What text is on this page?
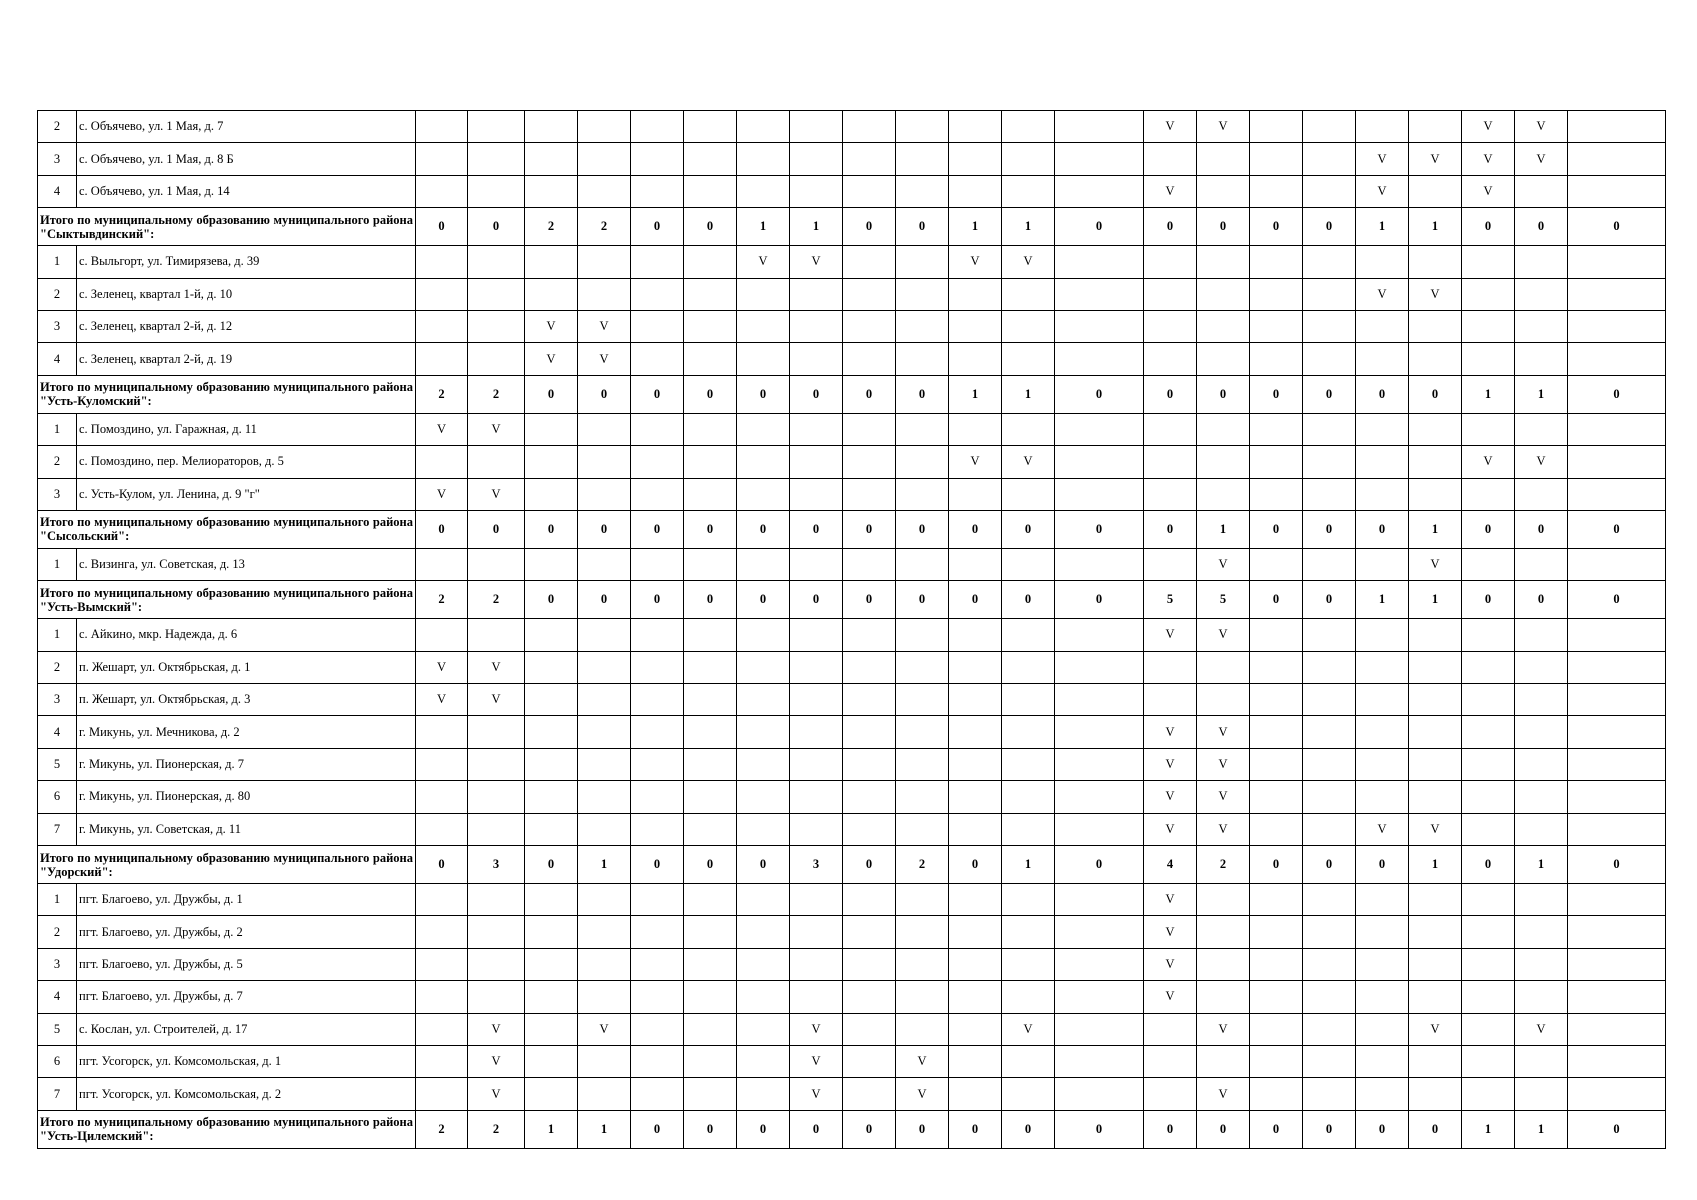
2	с. Объячево, ул. 1 Мая, д. 7														V	V					V	V	
3	с. Объячево, ул. 1 Мая, д. 8 Б																		V	V	V	V	
4	с. Объячево, ул. 1 Мая, д. 14														V				V		V		
Итого по муниципальному образованию муниципального района "Сыктывдинский":		0	0	2	2	0	0	1	1	0	0	1	1	0	0	0	0	0	1	1	0	0	0
1	с. Выльгорт, ул. Тимирязева, д. 39							V	V			V	V										
2	с. Зеленец, квартал 1-й, д. 10																		V	V			
3	с. Зеленец, квартал 2-й, д. 12			V	V																		
4	с. Зеленец, квартал 2-й, д. 19			V	V																		
Итого по муниципальному образованию муниципального района "Усть-Куломский":		2	2	0	0	0	0	0	0	0	0	1	1	0	0	0	0	0	0	0	1	1	0
1	с. Помоздино, ул. Гаражная, д. 11	V	V																				
2	с. Помоздино, пер. Мелиораторов, д. 5											V	V								V	V	
3	с. Усть-Кулом, ул. Ленина, д. 9 "г"	V	V																				
Итого по муниципальному образованию муниципального района "Сысольский":		0	0	0	0	0	0	0	0	0	0	0	0	0	0	1	0	0	0	1	0	0	0
1	с. Визинга, ул. Советская, д. 13															V				V			
Итого по муниципальному образованию муниципального района "Усть-Вымский":		2	2	0	0	0	0	0	0	0	0	0	0	0	5	5	0	0	1	1	0	0	0
1	с. Айкино, мкр. Надежда, д. 6														V	V							
2	п. Жешарт, ул. Октябрьская, д. 1	V	V																				
3	п. Жешарт, ул. Октябрьская, д. 3	V	V																				
4	г. Микунь, ул. Мечникова, д. 2														V	V							
5	г. Микунь, ул. Пионерская, д. 7														V	V							
6	г. Микунь, ул. Пионерская, д. 80														V	V							
7	г. Микунь, ул. Советская, д. 11														V	V			V	V			
Итого по муниципальному образованию муниципального района "Удорский":		0	3	0	1	0	0	0	3	0	2	0	1	0	4	2	0	0	0	1	0	1	0
1	пгт. Благоево, ул. Дружбы, д. 1														V								
2	пгт. Благоево, ул. Дружбы, д. 2														V								
3	пгт. Благоево, ул. Дружбы, д. 5														V								
4	пгт. Благоево, ул. Дружбы, д. 7														V								
5	с. Кослан, ул. Строителей, д. 17		V		V				V				V			V				V		V	
6	пгт. Усогорск, ул. Комсомольская, д. 1		V						V		V												
7	пгт. Усогорск, ул. Комсомольская, д. 2		V						V		V					V							
Итого по муниципальному образованию муниципального района "Усть-Цилемский":		2	2	1	1	0	0	0	0	0	0	0	0	0	0	0	0	0	0	0	1	1	0
